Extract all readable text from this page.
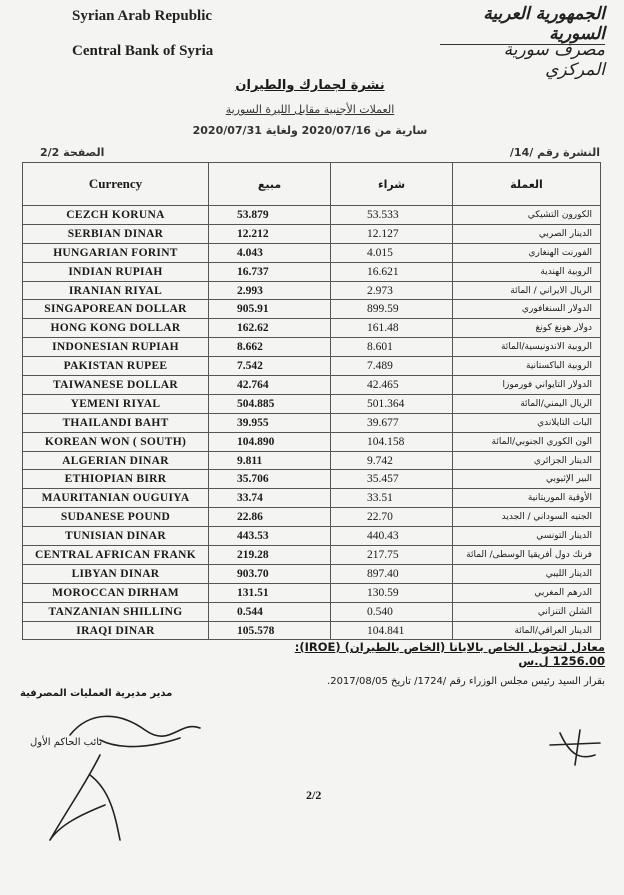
Syrian Arab Republic
Central Bank of Syria
الجمهورية العربية السورية
مصرف سورية المركزي
نشرة لجمارك والطيران
العملات الأجنبية مقابل الليرة السورية
سارية من 2020/07/16 ولغاية 2020/07/31
النشرة رقم /14/
الصفحة 2/2
Currency	مبيع	شراء	العملة
CEZCH KORUNA	53.879	53.533	الكورون التشيكي
SERBIAN DINAR	12.212	12.127	الدينار الصربي
HUNGARIAN FORINT	4.043	4.015	الفورنت الهنغاري
INDIAN RUPIAH	16.737	16.621	الروبية الهندية
IRANIAN RIYAL	2.993	2.973	الريال الايراني / المائة
SINGAPOREAN DOLLAR	905.91	899.59	الدولار السنغافوري
HONG KONG DOLLAR	162.62	161.48	دولار هونغ كونغ
INDONESIAN RUPIAH	8.662	8.601	الروبية الاندونيسية/المائة
PAKISTAN RUPEE	7.542	7.489	الروبية الباكستانية
TAIWANESE DOLLAR	42.764	42.465	الدولار التايواني فورموزا
YEMENI RIYAL	504.885	501.364	الريال اليمني/المائة
THAILANDI BAHT	39.955	39.677	البات التايلاندي
KOREAN WON ( SOUTH)	104.890	104.158	الون الكوري الجنوبي/المائة
ALGERIAN DINAR	9.811	9.742	الدينار الجزائري
ETHIOPIAN BIRR	35.706	35.457	البير الإثيوبي
MAURITANIAN OUGUIYA	33.74	33.51	الأوقية الموريتانية
SUDANESE POUND	22.86	22.70	الجنيه السوداني / الجديد
TUNISIAN DINAR	443.53	440.43	الدينار التونسي
CENTRAL AFRICAN FRANK	219.28	217.75	فرنك دول أفريقيا الوسطى/ المائة
LIBYAN DINAR	903.70	897.40	الدينار الليبي
MOROCCAN DIRHAM	131.51	130.59	الدرهم المغربي
TANZANIAN SHILLING	0.544	0.540	الشلن التنزاني
IRAQI DINAR	105.578	104.841	الدينار العراقي/المائة
معادل لتحويل الخاص بالايانا (الخاص بالطيران) (IROE): 1256.00 ل.س
بقرار السيد رئيس مجلس الوزراء رقم /1724/ تاريخ 2017/08/05.
مدير مديرية العمليات المصرفية
نائب الحاكم الأول
2/2
